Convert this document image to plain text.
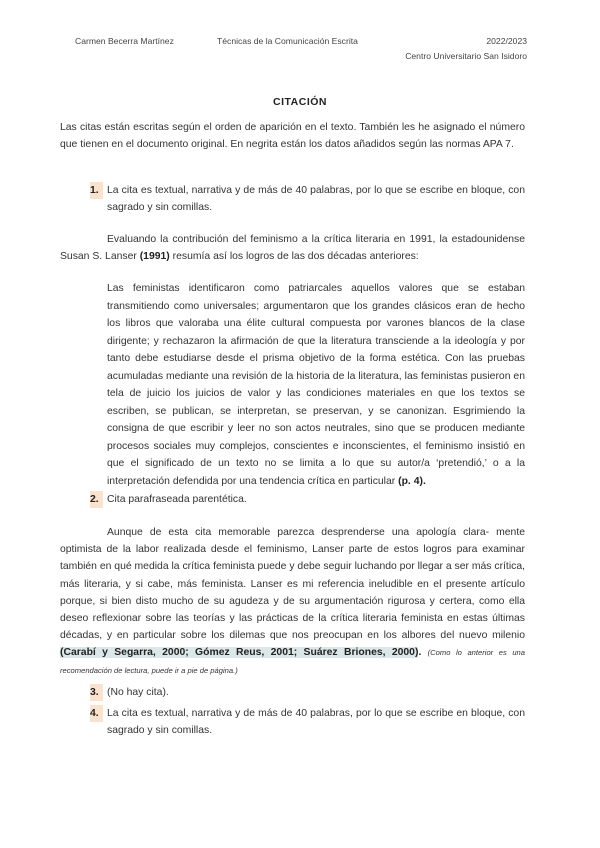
Carmen Becerra Martínez	Técnicas de la Comunicación Escrita	2022/2023
Centro Universitario San Isidoro
CITACIÓN
Las citas están escritas según el orden de aparición en el texto. También les he asignado el número que tienen en el documento original. En negrita están los datos añadidos según las normas APA 7.
1. La cita es textual, narrativa y de más de 40 palabras, por lo que se escribe en bloque, con sagrado y sin comillas.
Evaluando la contribución del feminismo a la crítica literaria en 1991, la estadounidense Susan S. Lanser (1991) resumía así los logros de las dos décadas anteriores:
Las feministas identificaron como patriarcales aquellos valores que se estaban transmitiendo como universales; argumentaron que los grandes clásicos eran de hecho los libros que valoraba una élite cultural compuesta por varones blancos de la clase dirigente; y rechazaron la afirmación de que la literatura transciende a la ideología y por tanto debe estudiarse desde el prisma objetivo de la forma estética. Con las pruebas acumuladas mediante una revisión de la historia de la literatura, las feministas pusieron en tela de juicio los juicios de valor y las condiciones materiales en que los textos se escriben, se publican, se interpretan, se preservan, y se canonizan. Esgrimiendo la consigna de que escribir y leer no son actos neutrales, sino que se producen mediante procesos sociales muy complejos, conscientes e inconscientes, el feminismo insistió en que el significado de un texto no se limita a lo que su autor/a ‘pretendió,’ o a la interpretación defendida por una tendencia crítica en particular (p. 4).
2. Cita parafraseada parentética.
Aunque de esta cita memorable parezca desprenderse una apología clara- mente optimista de la labor realizada desde el feminismo, Lanser parte de estos logros para examinar también en qué medida la crítica feminista puede y debe seguir luchando por llegar a ser más crítica, más literaria, y si cabe, más feminista. Lanser es mi referencia ineludible en el presente artículo porque, si bien disto mucho de su agudeza y de su argumentación rigurosa y certera, como ella deseo reflexionar sobre las teorías y las prácticas de la crítica literaria feminista en estas últimas décadas, y en particular sobre los dilemas que nos preocupan en los albores del nuevo milenio (Carabí y Segarra, 2000; Gómez Reus, 2001; Suárez Briones, 2000). (Como lo anterior es una recomendación de lectura, puede ir a pie de página.)
3. (No hay cita).
4. La cita es textual, narrativa y de más de 40 palabras, por lo que se escribe en bloque, con sagrado y sin comillas.
